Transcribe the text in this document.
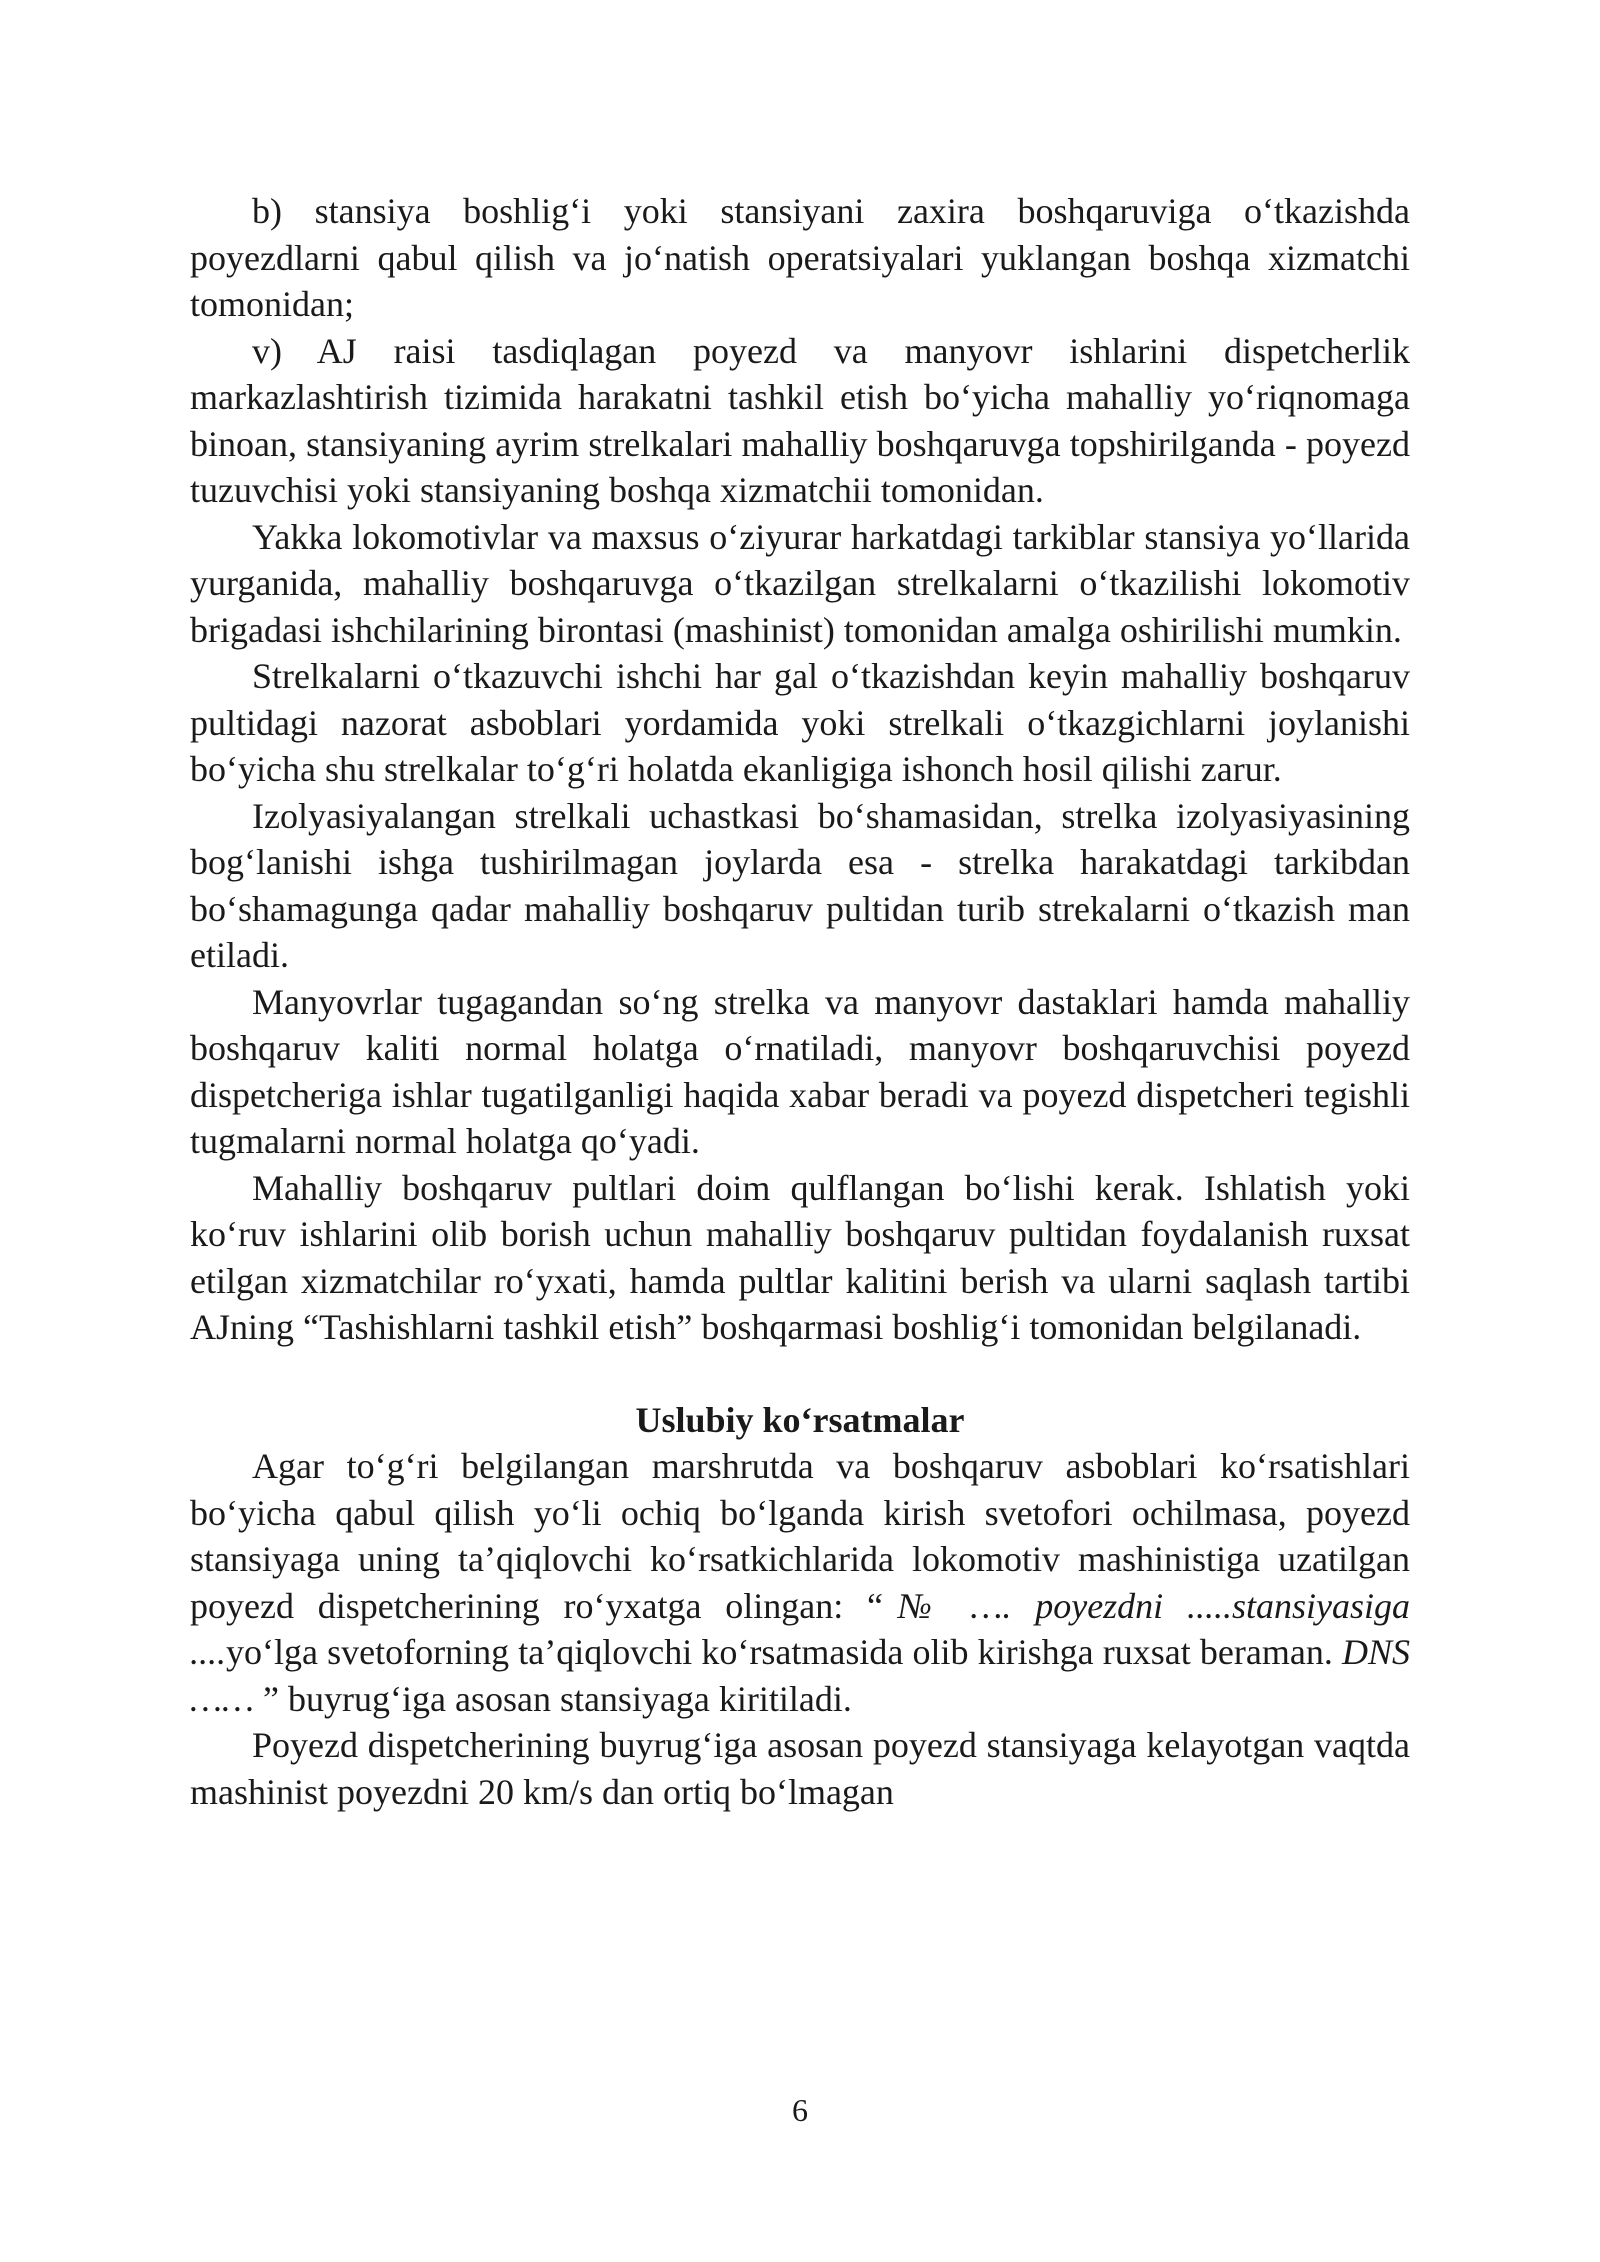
b) stansiya boshlig‘i yoki stansiyani zaxira boshqaruviga o‘tkazishda poyezdlarni qabul qilish va jo‘natish operatsiyalari yuklangan boshqa xizmatchi tomonidan;

v) AJ raisi tasdiqlagan poyezd va manyovr ishlarini dispetcherlik markazlashtirish tizimida harakatni tashkil etish bo‘yicha mahalliy yo‘riqnomaga binoan, stansiyaning ayrim strelkalari mahalliy boshqaruvga topshirilganda - poyezd tuzuvchisi yoki stansiyaning boshqa xizmatchii tomonidan.

Yakka lokomotivlar va maxsus o‘ziyurar harkatdagi tarkiblar stansiya yo‘llarida yurganida, mahalliy boshqaruvga o‘tkazilgan strelkalarni o‘tkazilishi lokomotiv brigadasi ishchilarining birontasi (mashinist) tomonidan amalga oshirilishi mumkin.

Strelkalarni o‘tkazuvchi ishchi har gal o‘tkazishdan keyin mahalliy boshqaruv pultidagi nazorat asboblari yordamida yoki strelkali o‘tkazgichlarni joylanishi bo‘yicha shu strelkalar to‘g‘ri holatda ekanligiga ishonch hosil qilishi zarur.

Izolyasiyalangan strelkali uchastkasi bo‘shamasidan, strelka izolyasiyasining bog‘lanishi ishga tushirilmagan joylarda esa - strelka harakatdagi tarkibdan bo‘shamagunga qadar mahalliy boshqaruv pultidan turib strekalarni o‘tkazish man etiladi.

Manyovrlar tugagandan so‘ng strelka va manyovr dastaklari hamda mahalliy boshqaruv kaliti normal holatga o‘rnatiladi, manyovr boshqaruvchisi poyezd dispetcheriga ishlar tugatilganligi haqida xabar beradi va poyezd dispetcheri tegishli tugmalarni normal holatga qo‘yadi.

Mahalliy boshqaruv pultlari doim qulflangan bo‘lishi kerak. Ishlatish yoki ko‘ruv ishlarini olib borish uchun mahalliy boshqaruv pultidan foydalanish ruxsat etilgan xizmatchilar ro‘yxati, hamda pultlar kalitini berish va ularni saqlash tartibi AJning “Tashishlarni tashkil etish” boshqarmasi boshlig‘i tomonidan belgilanadi.

Uslubiy ko‘rsatmalar

Agar to‘g‘ri belgilangan marshrutda va boshqaruv asboblari ko‘rsatishlari bo‘yicha qabul qilish yo‘li ochiq bo‘lganda kirish svetofori ochilmasa, poyezd stansiyaga uning ta’qiqlovchi ko‘rsatkichlarida lokomotiv mashinistiga uzatilgan poyezd dispetcherining ro‘yxatga olingan: “№ …. poyezdni .....stansiyasiga ....yo‘lga svetoforning ta’qiqlovchi ko‘rsatmasida olib kirishga ruxsat beraman. DNS …… ” buyrug‘iga asosan stansiyaga kiritiladi.

Poyezd dispetcherining buyrug‘iga asosan poyezd stansiyaga kelayotgan vaqtda mashinist poyezdni 20 km/s dan ortiq bo‘lmagan

6
